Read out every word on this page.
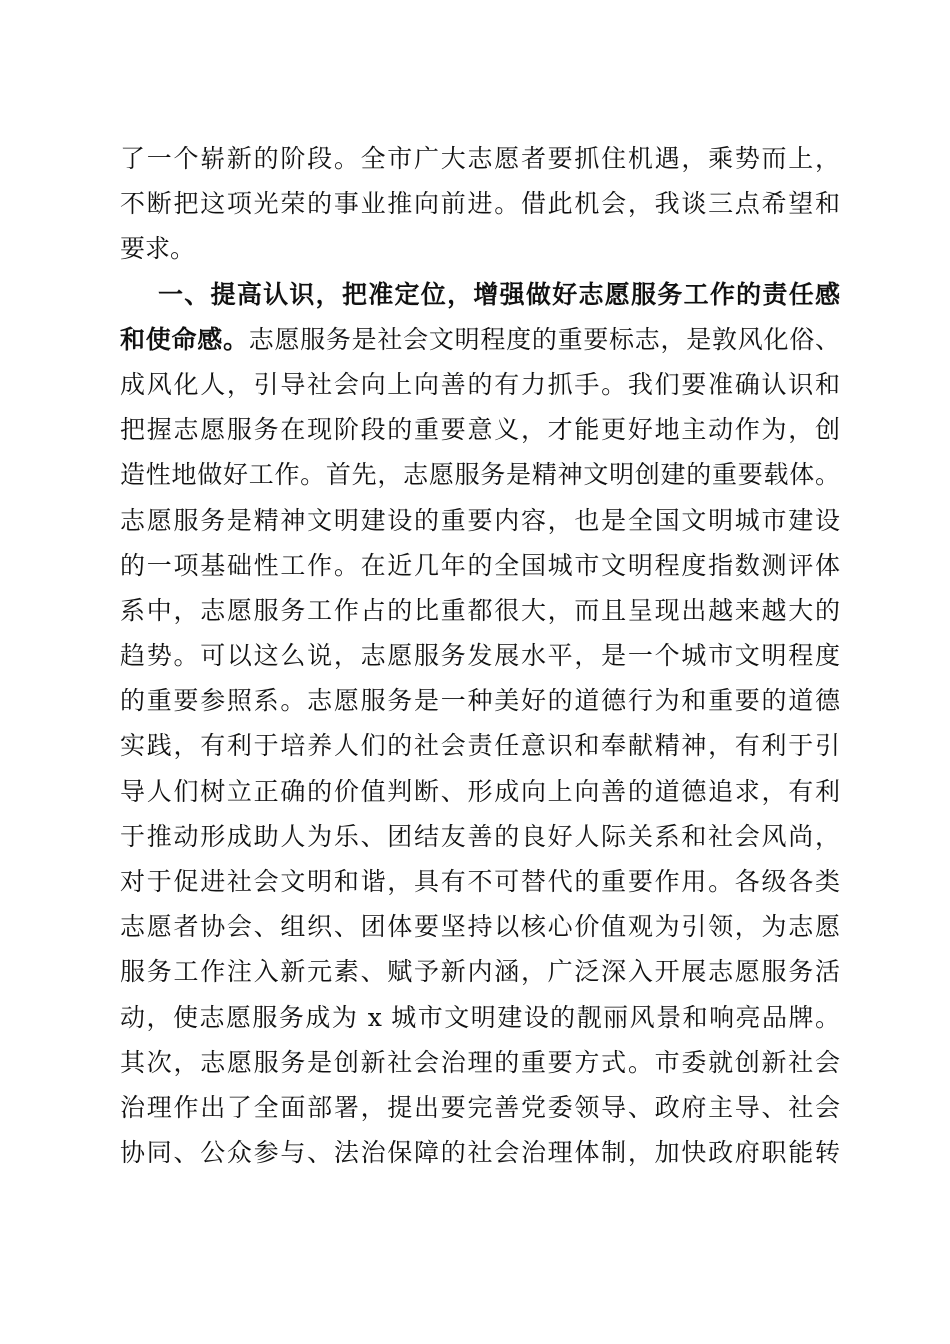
了一个崭新的阶段。全市广大志愿者要抓住机遇，乘势而上，
不断把这项光荣的事业推向前进。借此机会，我谈三点希望和
要求。
一、提高认识，把准定位，增强做好志愿服务工作的责任感
和使命感。志愿服务是社会文明程度的重要标志，是敦风化俗、
成风化人，引导社会向上向善的有力抓手。我们要准确认识和
把握志愿服务在现阶段的重要意义，才能更好地主动作为，创
造性地做好工作。首先，志愿服务是精神文明创建的重要载体。
志愿服务是精神文明建设的重要内容，也是全国文明城市建设
的一项基础性工作。在近几年的全国城市文明程度指数测评体
系中，志愿服务工作占的比重都很大，而且呈现出越来越大的
趋势。可以这么说，志愿服务发展水平，是一个城市文明程度
的重要参照系。志愿服务是一种美好的道德行为和重要的道德
实践，有利于培养人们的社会责任意识和奉献精神，有利于引
导人们树立正确的价值判断、形成向上向善的道德追求，有利
于推动形成助人为乐、团结友善的良好人际关系和社会风尚，
对于促进社会文明和谐，具有不可替代的重要作用。各级各类
志愿者协会、组织、团体要坚持以核心价值观为引领，为志愿
服务工作注入新元素、赋予新内涵，广泛深入开展志愿服务活
动，使志愿服务成为 x 城市文明建设的靓丽风景和响亮品牌。
其次，志愿服务是创新社会治理的重要方式。市委就创新社会
治理作出了全面部署，提出要完善党委领导、政府主导、社会
协同、公众参与、法治保障的社会治理体制，加快政府职能转
